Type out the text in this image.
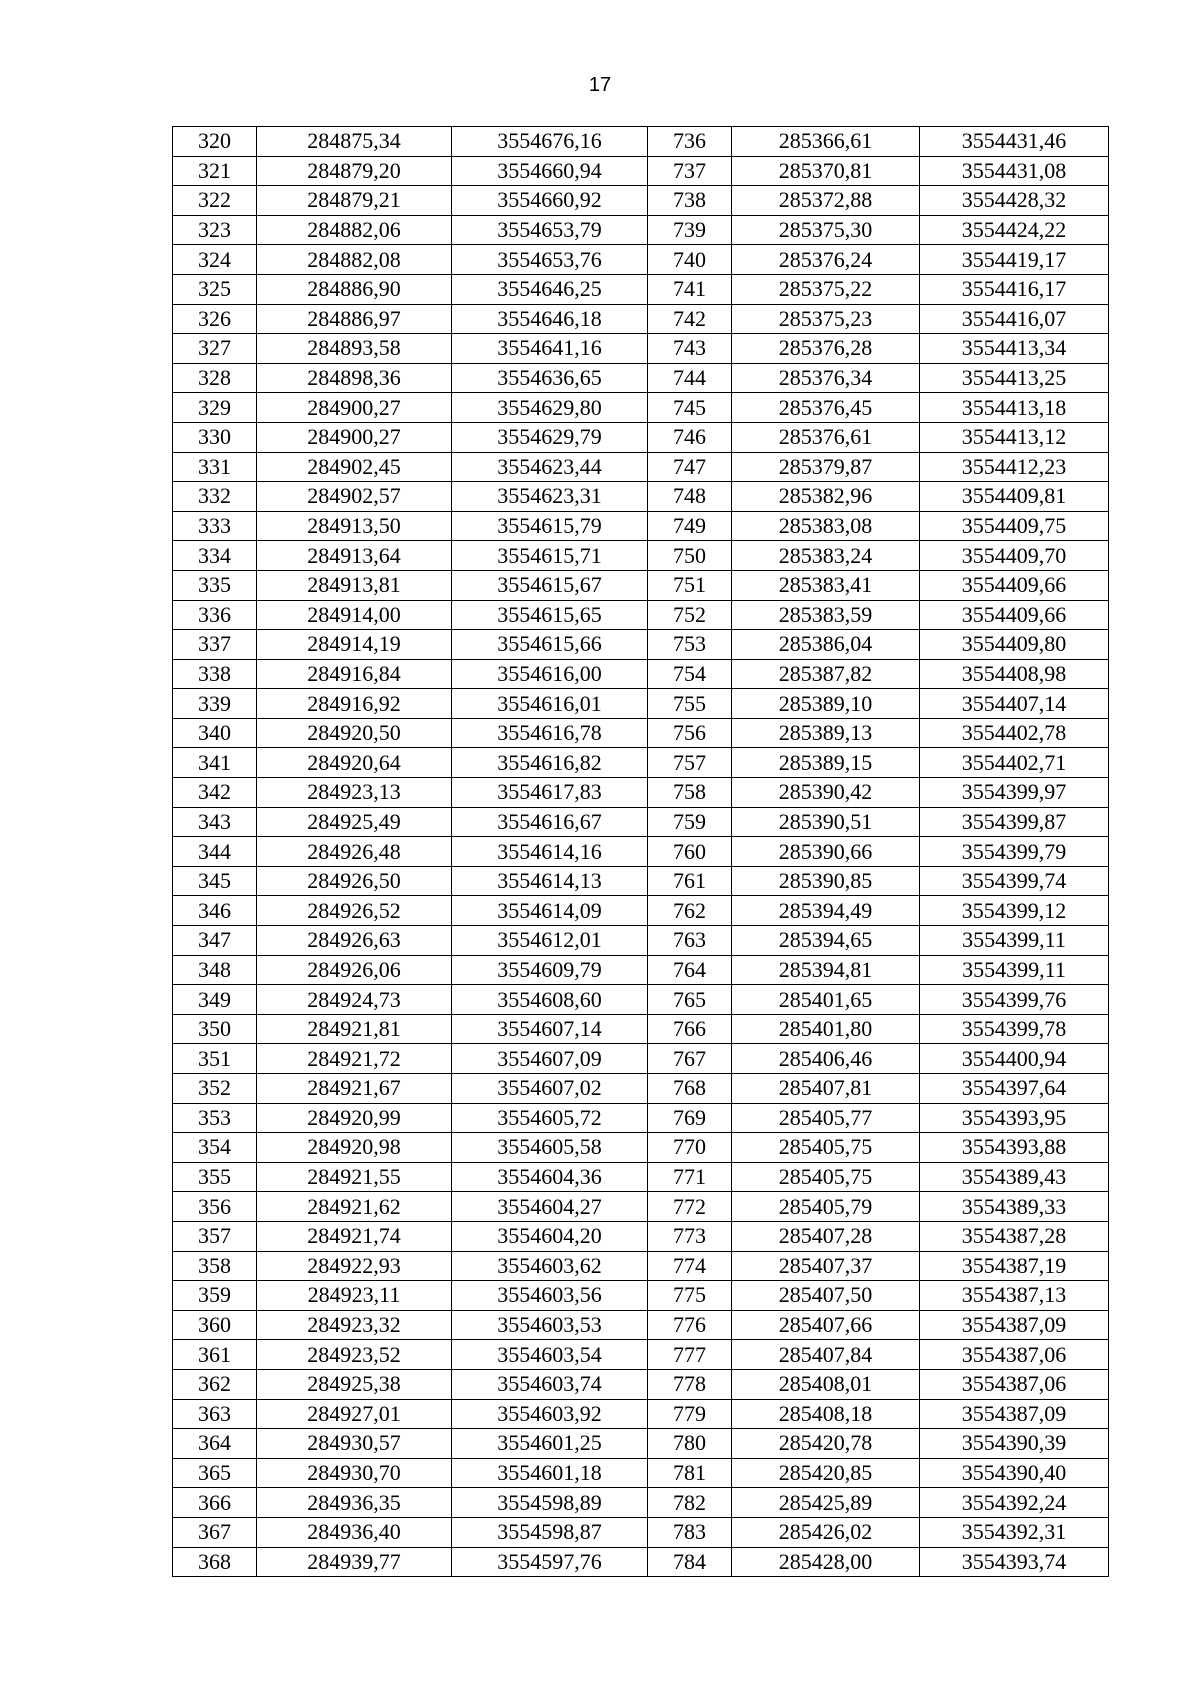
17
320	284875,34	3554676,16	736	285366,61	3554431,46
321	284879,20	3554660,94	737	285370,81	3554431,08
322	284879,21	3554660,92	738	285372,88	3554428,32
323	284882,06	3554653,79	739	285375,30	3554424,22
324	284882,08	3554653,76	740	285376,24	3554419,17
325	284886,90	3554646,25	741	285375,22	3554416,17
326	284886,97	3554646,18	742	285375,23	3554416,07
327	284893,58	3554641,16	743	285376,28	3554413,34
328	284898,36	3554636,65	744	285376,34	3554413,25
329	284900,27	3554629,80	745	285376,45	3554413,18
330	284900,27	3554629,79	746	285376,61	3554413,12
331	284902,45	3554623,44	747	285379,87	3554412,23
332	284902,57	3554623,31	748	285382,96	3554409,81
333	284913,50	3554615,79	749	285383,08	3554409,75
334	284913,64	3554615,71	750	285383,24	3554409,70
335	284913,81	3554615,67	751	285383,41	3554409,66
336	284914,00	3554615,65	752	285383,59	3554409,66
337	284914,19	3554615,66	753	285386,04	3554409,80
338	284916,84	3554616,00	754	285387,82	3554408,98
339	284916,92	3554616,01	755	285389,10	3554407,14
340	284920,50	3554616,78	756	285389,13	3554402,78
341	284920,64	3554616,82	757	285389,15	3554402,71
342	284923,13	3554617,83	758	285390,42	3554399,97
343	284925,49	3554616,67	759	285390,51	3554399,87
344	284926,48	3554614,16	760	285390,66	3554399,79
345	284926,50	3554614,13	761	285390,85	3554399,74
346	284926,52	3554614,09	762	285394,49	3554399,12
347	284926,63	3554612,01	763	285394,65	3554399,11
348	284926,06	3554609,79	764	285394,81	3554399,11
349	284924,73	3554608,60	765	285401,65	3554399,76
350	284921,81	3554607,14	766	285401,80	3554399,78
351	284921,72	3554607,09	767	285406,46	3554400,94
352	284921,67	3554607,02	768	285407,81	3554397,64
353	284920,99	3554605,72	769	285405,77	3554393,95
354	284920,98	3554605,58	770	285405,75	3554393,88
355	284921,55	3554604,36	771	285405,75	3554389,43
356	284921,62	3554604,27	772	285405,79	3554389,33
357	284921,74	3554604,20	773	285407,28	3554387,28
358	284922,93	3554603,62	774	285407,37	3554387,19
359	284923,11	3554603,56	775	285407,50	3554387,13
360	284923,32	3554603,53	776	285407,66	3554387,09
361	284923,52	3554603,54	777	285407,84	3554387,06
362	284925,38	3554603,74	778	285408,01	3554387,06
363	284927,01	3554603,92	779	285408,18	3554387,09
364	284930,57	3554601,25	780	285420,78	3554390,39
365	284930,70	3554601,18	781	285420,85	3554390,40
366	284936,35	3554598,89	782	285425,89	3554392,24
367	284936,40	3554598,87	783	285426,02	3554392,31
368	284939,77	3554597,76	784	285428,00	3554393,74
